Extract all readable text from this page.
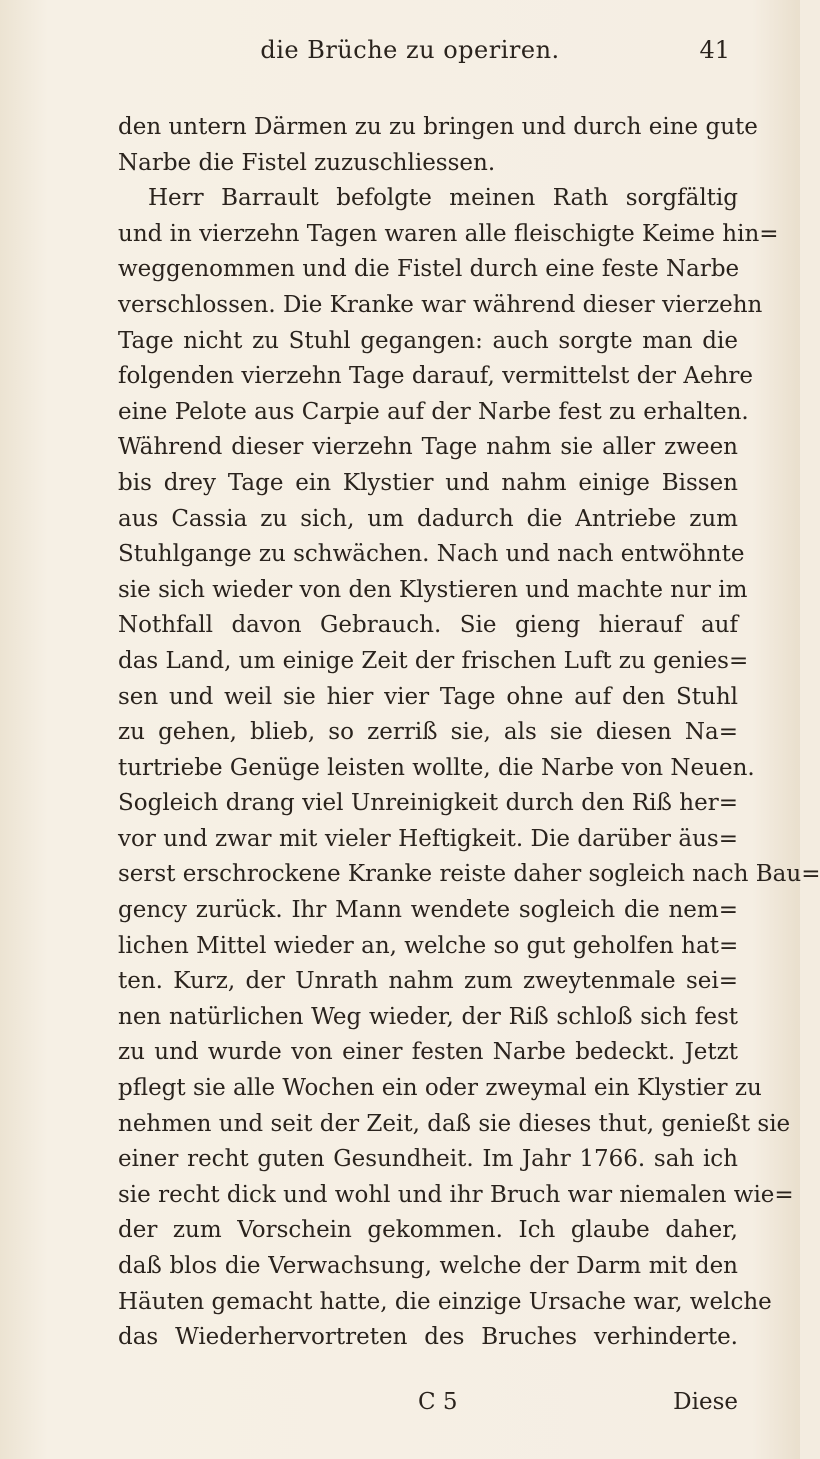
die Brüche zu operiren.	41
den untern Därmen zu zu bringen und durch eine gute
Narbe die Fistel zuzuschliessen.
Herr Barrault befolgte meinen Rath sorgfältig
und in vierzehn Tagen waren alle fleischigte Keime hin=
weggenommen und die Fistel durch eine feste Narbe
verschlossen. Die Kranke war während dieser vierzehn
Tage nicht zu Stuhl gegangen: auch sorgte man die
folgenden vierzehn Tage darauf, vermittelst der Aehre
eine Pelote aus Carpie auf der Narbe fest zu erhalten.
Während dieser vierzehn Tage nahm sie aller zween
bis drey Tage ein Klystier und nahm einige Bissen
aus Cassia zu sich, um dadurch die Antriebe zum
Stuhlgange zu schwächen. Nach und nach entwöhnte
sie sich wieder von den Klystieren und machte nur im
Nothfall davon Gebrauch. Sie gieng hierauf auf
das Land, um einige Zeit der frischen Luft zu genies=
sen und weil sie hier vier Tage ohne auf den Stuhl
zu gehen, blieb, so zerriß sie, als sie diesen Na=
turtriebe Genüge leisten wollte, die Narbe von Neuen.
Sogleich drang viel Unreinigkeit durch den Riß her=
vor und zwar mit vieler Heftigkeit. Die darüber äus=
serst erschrockene Kranke reiste daher sogleich nach Bau=
gency zurück. Ihr Mann wendete sogleich die nem=
lichen Mittel wieder an, welche so gut geholfen hat=
ten. Kurz, der Unrath nahm zum zweytenmale sei=
nen natürlichen Weg wieder, der Riß schloß sich fest
zu und wurde von einer festen Narbe bedeckt. Jetzt
pflegt sie alle Wochen ein oder zweymal ein Klystier zu
nehmen und seit der Zeit, daß sie dieses thut, genießt sie
einer recht guten Gesundheit. Im Jahr 1766. sah ich
sie recht dick und wohl und ihr Bruch war niemalen wie=
der zum Vorschein gekommen. Ich glaube daher,
daß blos die Verwachsung, welche der Darm mit den
Häuten gemacht hatte, die einzige Ursache war, welche
das Wiederhervortreten des Bruches verhinderte.
C 5	Diese
